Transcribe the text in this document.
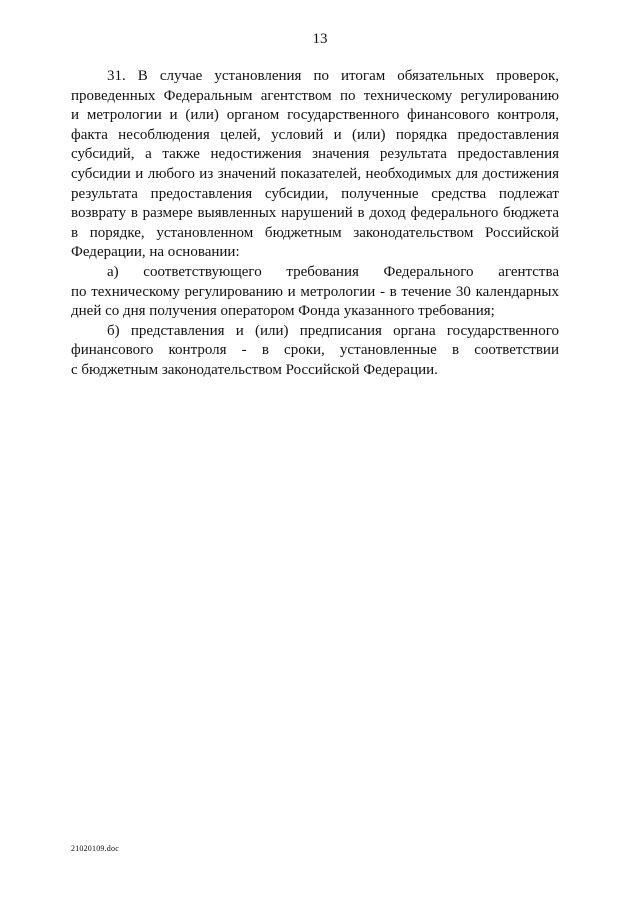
13
31. В случае установления по итогам обязательных проверок,
проведенных Федеральным агентством по техническому регулированию
и метрологии и (или) органом государственного финансового контроля,
факта несоблюдения целей, условий и (или) порядка предоставления
субсидий, а также недостижения значения результата предоставления
субсидии и любого из значений показателей, необходимых для достижения
результата предоставления субсидии, полученные средства подлежат
возврату в размере выявленных нарушений в доход федерального бюджета
в порядке, установленном бюджетным законодательством Российской
Федерации, на основании:
а) соответствующего требования Федерального агентства
по техническому регулированию и метрологии - в течение 30 календарных
дней со дня получения оператором Фонда указанного требования;
б) представления и (или) предписания органа государственного
финансового контроля - в сроки, установленные в соответствии
с бюджетным законодательством Российской Федерации.
21020109.doc
